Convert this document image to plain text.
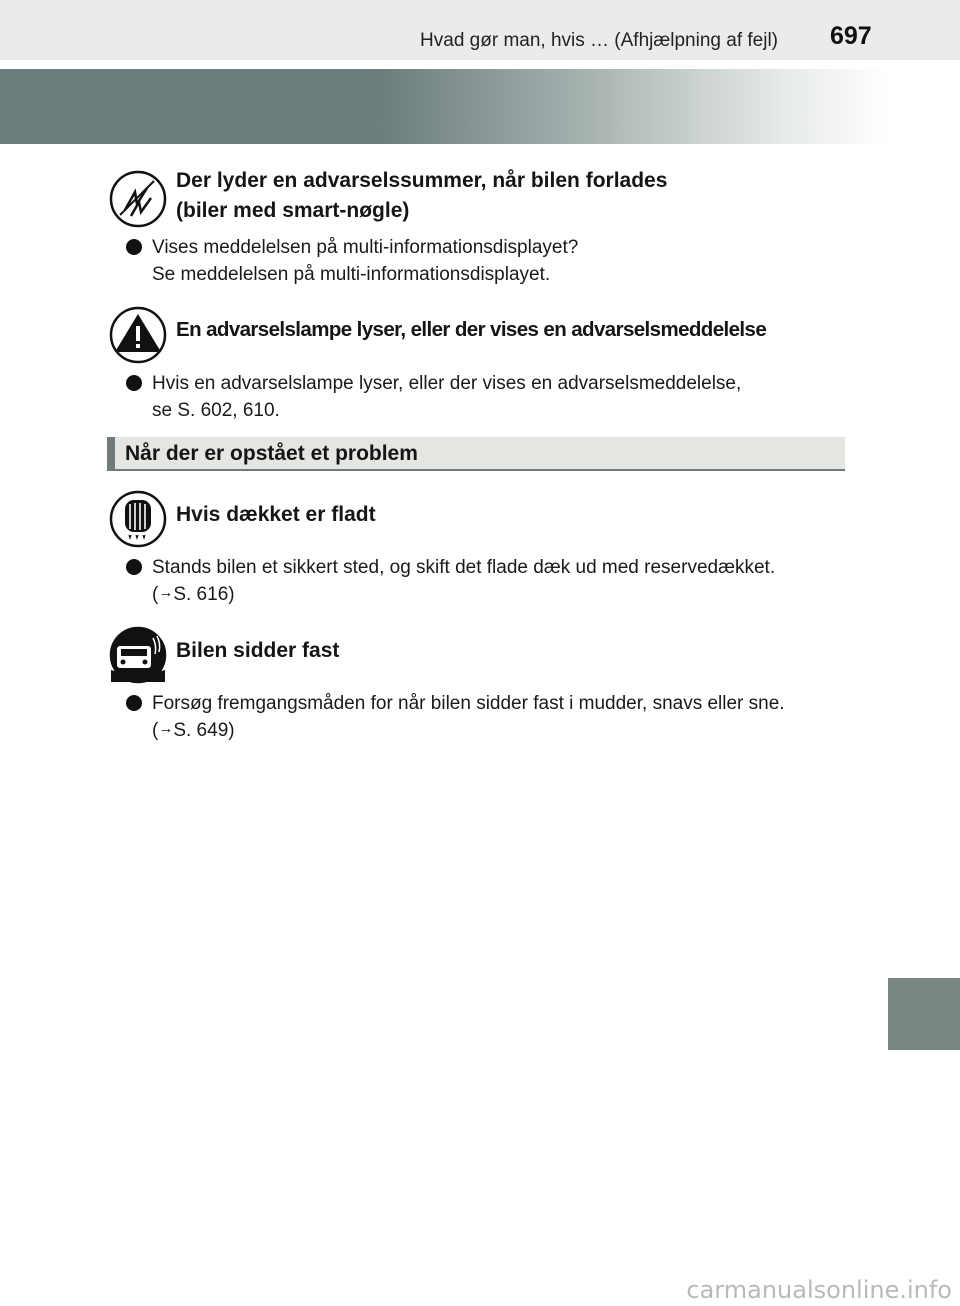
Hvad gør man, hvis … (Afhjælpning af fejl) 697
Der lyder en advarselssummer, når bilen forlades
(biler med smart-nøgle)
Vises meddelelsen på multi-informationsdisplayet?
Se meddelelsen på multi-informationsdisplayet.
En advarselslampe lyser, eller der vises en advarselsmeddelelse
Hvis en advarselslampe lyser, eller der vises en advarselsmeddelelse,
se S. 602, 610.
Når der er opstået et problem
Hvis dækket er fladt
Stands bilen et sikkert sted, og skift det flade dæk ud med reservedækket.
(→S. 616)
Bilen sidder fast
Forsøg fremgangsmåden for når bilen sidder fast i mudder, snavs eller sne.
(→S. 649)
carmanualsonline.info
